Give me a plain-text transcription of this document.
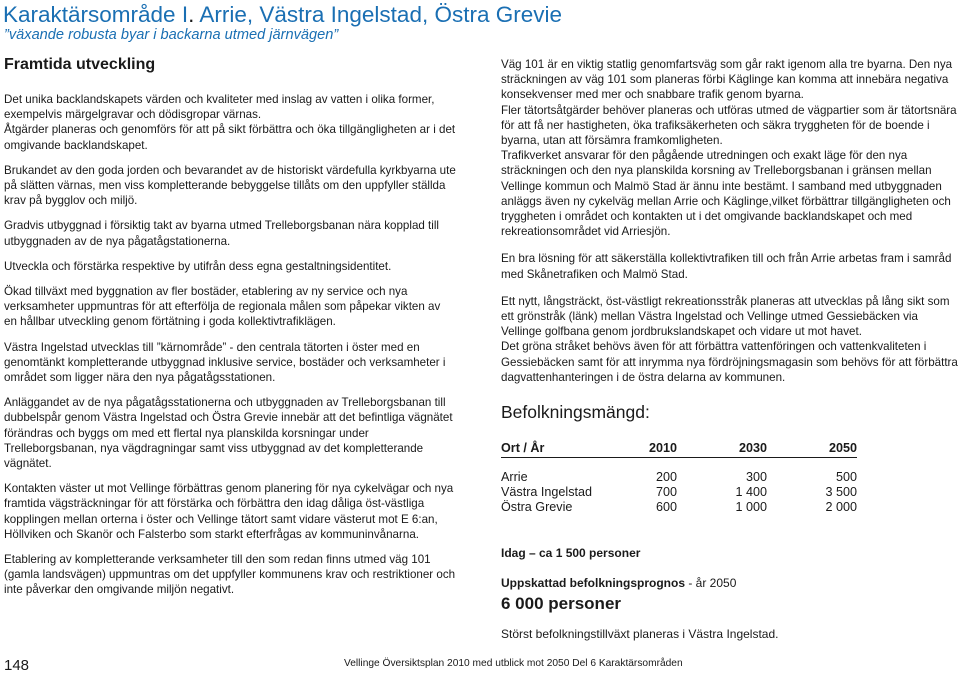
Karaktärsområde I. Arrie, Västra Ingelstad, Östra Grevie
”växande robusta byar i backarna utmed järnvägen”
Framtida utveckling

Det unika backlandskapets värden och kvaliteter med inslag av vatten i olika former, exempelvis märgelgravar och dödisgropar värnas.

Åtgärder planeras och genomförs för att på sikt förbättra och öka tillgängligheten ar i det omgivande backlandskapet.

Brukandet av den goda jorden och bevarandet av de historiskt värdefulla kyrkbyarna ute på slätten värnas, men viss kompletterande bebyggelse tillåts om den uppfyller ställda krav på bygglov och miljö.

Gradvis utbyggnad i försiktig takt av byarna utmed Trelleborgsbanan nära kopplad till utbyggnaden av de nya pågatågstationerna.

Utveckla och förstärka respektive by utifrån dess egna gestaltningsidentitet.

Ökad tillväxt med byggnation av fler bostäder, etablering av ny service och nya verksamheter uppmuntras för att efterfölja de regionala målen som påpekar vikten av en hållbar utveckling genom förtätning i goda kollektivtrafiklägen.

Västra Ingelstad utvecklas till ”kärnområde” - den centrala tätorten i öster med en genomtänkt kompletterande utbyggnad inklusive service, bostäder och verksamheter i området som ligger nära den nya pågatågsstationen.

Anläggandet av de nya pågatågsstationerna och utbyggnaden av Trelleborgsbanan till dubbelspår genom Västra Ingelstad och Östra Grevie innebär att det befintliga vägnätet förändras och byggs om med ett flertal nya planskilda korsningar under Trelleborgsbanan, nya vägdragningar samt viss utbyggnad av det kompletterande vägnätet.

Kontakten väster ut mot Vellinge förbättras genom planering för nya cykelvägar och nya framtida vägsträckningar för att förstärka och förbättra den idag dåliga öst-västliga kopplingen mellan orterna i öster och Vellinge tätort samt vidare västerut mot E 6:an, Höllviken och Skanör och Falsterbo som starkt efterfrågas av kommuninvånarna.

Etablering av kompletterande verksamheter till den som redan finns utmed väg 101 (gamla landsvägen) uppmuntras om det uppfyller kommunens krav och restriktioner och inte påverkar den omgivande miljön negativt.

Väg 101 är en viktig statlig genomfartsväg som går rakt igenom alla tre byarna. Den nya sträckningen av väg 101 som planeras förbi Käglinge kan komma att innebära negativa konsekvenser med mer och snabbare trafik genom byarna.

Fler tätortsåtgärder behöver planeras och utföras utmed de vägpartier som är tätortsnära för att få ner hastigheten, öka trafiksäkerheten och säkra tryggheten för de boende i byarna, utan att försämra framkomligheten.

Trafikverket ansvarar för den pågående utredningen och exakt läge för den nya sträckningen och den nya planskilda korsning av Trelleborgsbanan i gränsen mellan Vellinge kommun och Malmö Stad är ännu inte bestämt. I samband med utbyggnaden anläggs även ny cykelväg mellan Arrie och Käglinge,vilket förbättrar tillgängligheten och tryggheten i området och kontakten ut i det omgivande backlandskapet och med rekreationsområdet vid Arriesjön.

En bra lösning för att säkerställa kollektivtrafiken till och från Arrie arbetas fram i samråd med Skånetrafiken och Malmö Stad.

Ett nytt, långsträckt, öst-västligt rekreationsstråk planeras att utvecklas på lång sikt som ett grönstråk (länk) mellan Västra Ingelstad och Vellinge utmed Gessiebäcken via Vellinge golfbana genom jordbrukslandskapet och vidare ut mot havet.

Det gröna stråket behövs även för att förbättra vattenföringen och vattenkvaliteten i Gessiebäcken samt för att inrymma nya fördröjningsmagasin som behövs för att förbättra dagvattenhanteringen i de östra delarna av kommunen.

Befolkningsmängd:
Ort / År	2010	2030	2050

Arrie	200	300	500
Västra Ingelstad	700	1 400	3 500
Östra Grevie	600	1 000	2 000
Idag – ca 1 500 personer
Uppskattad befolkningsprognos - år 2050
6 000 personer
Störst befolkningstillväxt planeras i Västra Ingelstad.
148	Vellinge Översiktsplan 2010 med utblick mot 2050 Del 6 Karaktärsområden
